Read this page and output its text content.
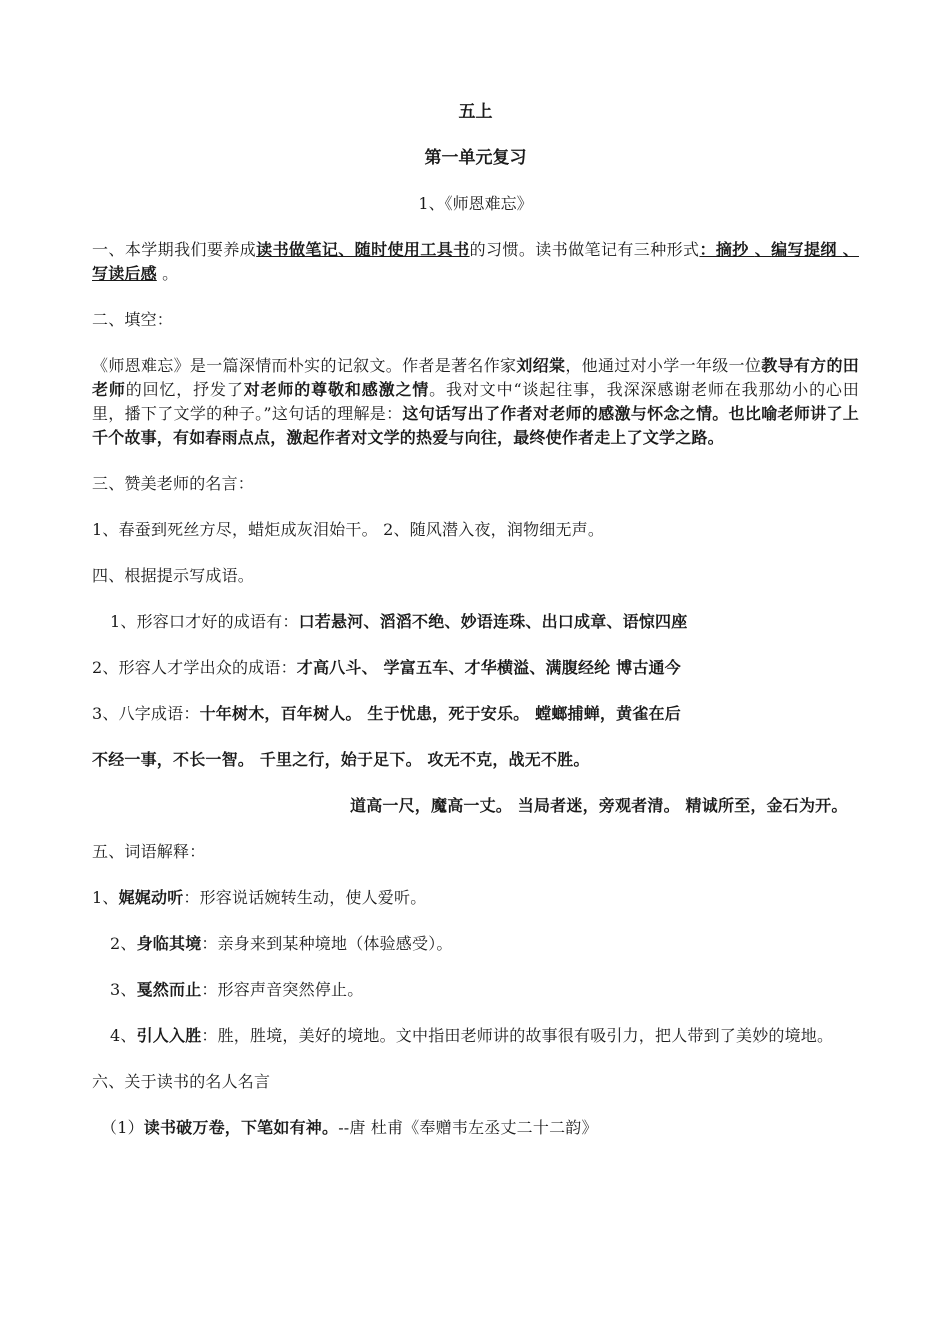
五上
第一单元复习
1、《师恩难忘》

一、本学期我们要养成读书做笔记、随时使用工具书的习惯。读书做笔记有三种形式：摘抄 、编写提纲 、写读后感 。

二、填空：

《师恩难忘》是一篇深情而朴实的记叙文。作者是著名作家刘绍棠，他通过对小学一年级一位教导有方的田老师的回忆，抒发了对老师的尊敬和感激之情。我对文中“谈起往事，我深深感谢老师在我那幼小的心田里，播下了文学的种子。”这句话的理解是：这句话写出了作者对老师的感激与怀念之情。也比喻老师讲了上千个故事，有如春雨点点，激起作者对文学的热爱与向往，最终使作者走上了文学之路。

三、赞美老师的名言：

1、春蚕到死丝方尽，蜡炬成灰泪始干。 2、随风潜入夜，润物细无声。

四、根据提示写成语。

1、形容口才好的成语有：口若悬河、滔滔不绝、妙语连珠、出口成章、语惊四座

2、形容人才学出众的成语：才高八斗、 学富五车、才华横溢、满腹经纶 博古通今

3、八字成语：十年树木，百年树人。 生于忧患，死于安乐。 螳螂捕蝉，黄雀在后

不经一事，不长一智。 千里之行，始于足下。 攻无不克，战无不胜。

道高一尺，魔高一丈。 当局者迷，旁观者清。 精诚所至，金石为开。

五、词语解释：

1、娓娓动听：形容说话婉转生动，使人爱听。

2、身临其境：亲身来到某种境地（体验感受）。

3、戛然而止：形容声音突然停止。

4、引人入胜：胜，胜境，美好的境地。文中指田老师讲的故事很有吸引力，把人带到了美妙的境地。

六、关于读书的名人名言

（1）读书破万卷，下笔如有神。--唐 杜甫《奉赠韦左丞丈二十二韵》
